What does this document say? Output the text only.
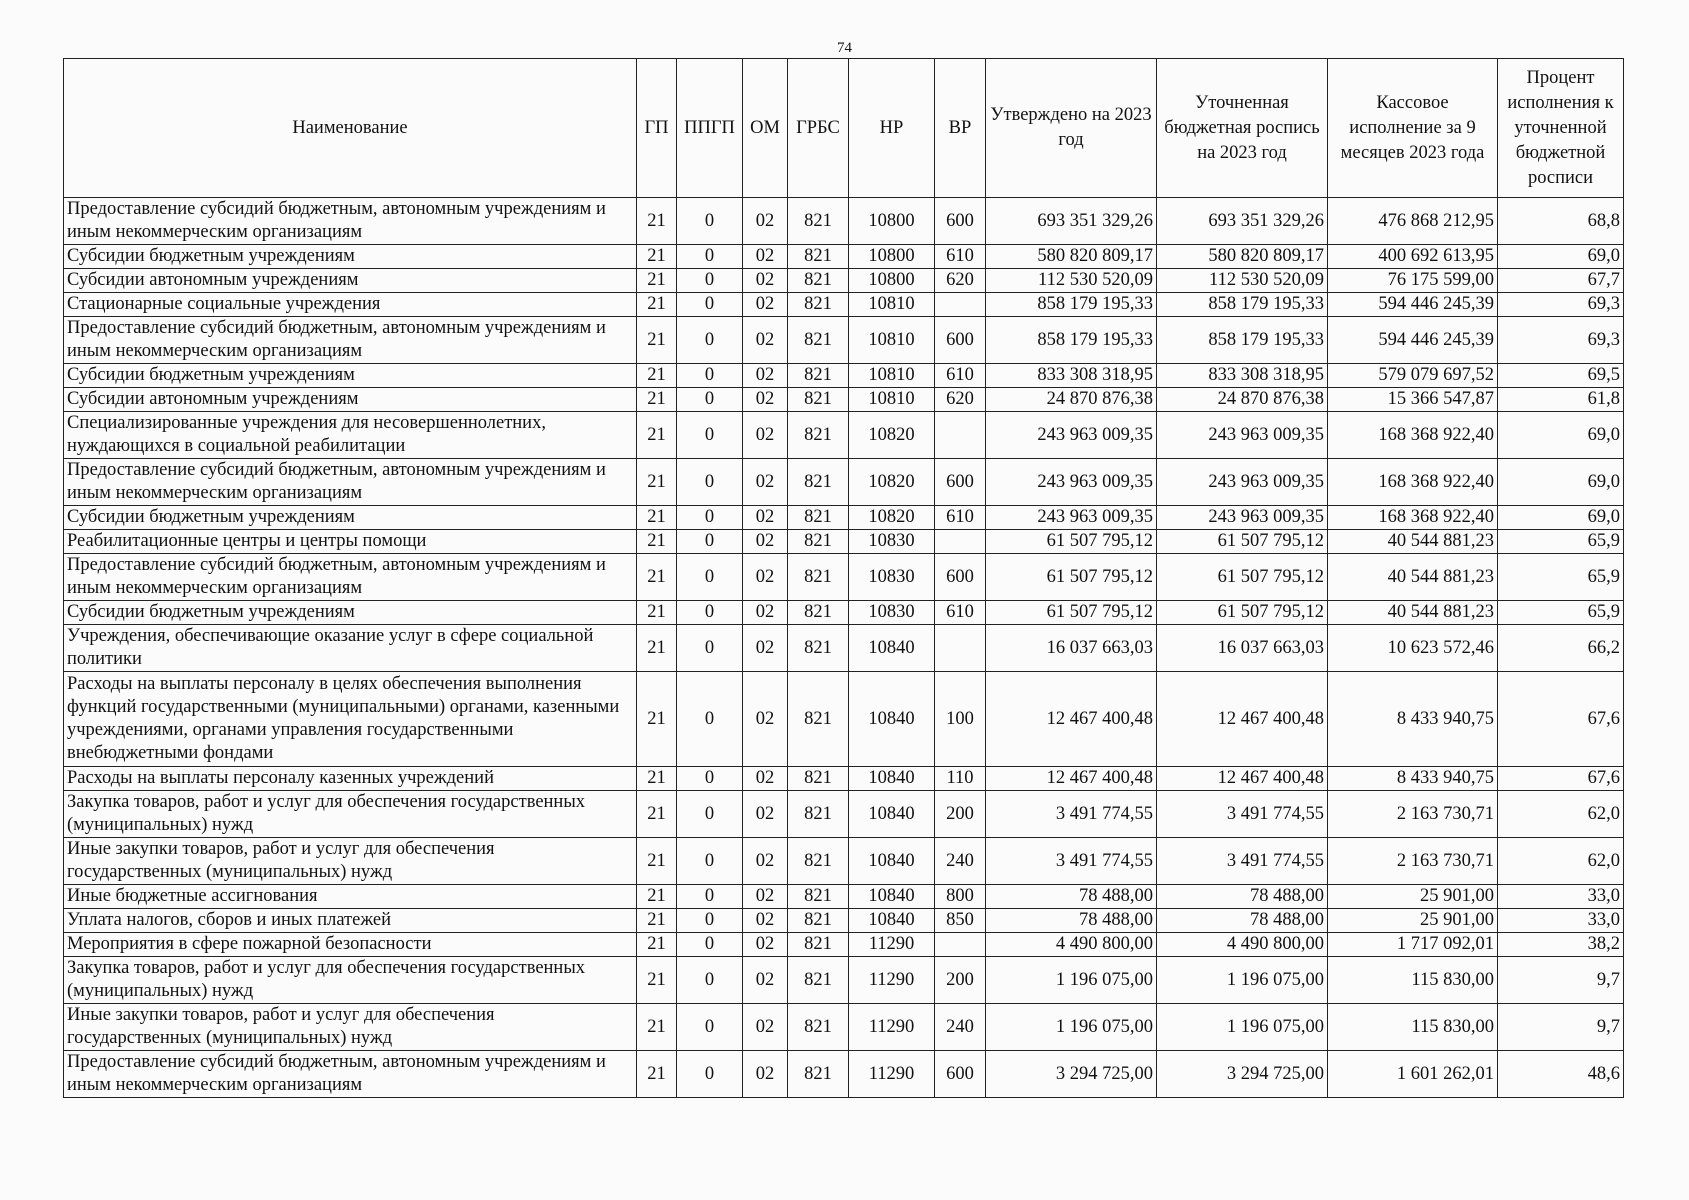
74
Наименование	ГП	ППГП	ОМ	ГРБС	НР	ВР	Утверждено на 2023 год	Уточненная бюджетная роспись на 2023 год	Кассовое исполнение за 9 месяцев 2023 года	Процент исполнения к уточненной бюджетной росписи
Предоставление субсидий бюджетным, автономным учреждениям и иным некоммерческим организациям	21	0	02	821	10800	600	693 351 329,26	693 351 329,26	476 868 212,95	68,8
Субсидии бюджетным учреждениям	21	0	02	821	10800	610	580 820 809,17	580 820 809,17	400 692 613,95	69,0
Субсидии автономным учреждениям	21	0	02	821	10800	620	112 530 520,09	112 530 520,09	76 175 599,00	67,7
Стационарные социальные учреждения	21	0	02	821	10810		858 179 195,33	858 179 195,33	594 446 245,39	69,3
Предоставление субсидий бюджетным, автономным учреждениям и иным некоммерческим организациям	21	0	02	821	10810	600	858 179 195,33	858 179 195,33	594 446 245,39	69,3
Субсидии бюджетным учреждениям	21	0	02	821	10810	610	833 308 318,95	833 308 318,95	579 079 697,52	69,5
Субсидии автономным учреждениям	21	0	02	821	10810	620	24 870 876,38	24 870 876,38	15 366 547,87	61,8
Специализированные учреждения для несовершеннолетних, нуждающихся в социальной реабилитации	21	0	02	821	10820		243 963 009,35	243 963 009,35	168 368 922,40	69,0
Предоставление субсидий бюджетным, автономным учреждениям и иным некоммерческим организациям	21	0	02	821	10820	600	243 963 009,35	243 963 009,35	168 368 922,40	69,0
Субсидии бюджетным учреждениям	21	0	02	821	10820	610	243 963 009,35	243 963 009,35	168 368 922,40	69,0
Реабилитационные центры и центры помощи	21	0	02	821	10830		61 507 795,12	61 507 795,12	40 544 881,23	65,9
Предоставление субсидий бюджетным, автономным учреждениям и иным некоммерческим организациям	21	0	02	821	10830	600	61 507 795,12	61 507 795,12	40 544 881,23	65,9
Субсидии бюджетным учреждениям	21	0	02	821	10830	610	61 507 795,12	61 507 795,12	40 544 881,23	65,9
Учреждения, обеспечивающие оказание услуг в сфере социальной политики	21	0	02	821	10840		16 037 663,03	16 037 663,03	10 623 572,46	66,2
Расходы на выплаты персоналу в целях обеспечения выполнения функций государственными (муниципальными) органами, казенными учреждениями, органами управления государственными внебюджетными фондами	21	0	02	821	10840	100	12 467 400,48	12 467 400,48	8 433 940,75	67,6
Расходы на выплаты персоналу казенных учреждений	21	0	02	821	10840	110	12 467 400,48	12 467 400,48	8 433 940,75	67,6
Закупка товаров, работ и услуг для обеспечения государственных (муниципальных) нужд	21	0	02	821	10840	200	3 491 774,55	3 491 774,55	2 163 730,71	62,0
Иные закупки товаров, работ и услуг для обеспечения государственных (муниципальных) нужд	21	0	02	821	10840	240	3 491 774,55	3 491 774,55	2 163 730,71	62,0
Иные бюджетные ассигнования	21	0	02	821	10840	800	78 488,00	78 488,00	25 901,00	33,0
Уплата налогов, сборов и иных платежей	21	0	02	821	10840	850	78 488,00	78 488,00	25 901,00	33,0
Мероприятия в сфере пожарной безопасности	21	0	02	821	11290		4 490 800,00	4 490 800,00	1 717 092,01	38,2
Закупка товаров, работ и услуг для обеспечения государственных (муниципальных) нужд	21	0	02	821	11290	200	1 196 075,00	1 196 075,00	115 830,00	9,7
Иные закупки товаров, работ и услуг для обеспечения государственных (муниципальных) нужд	21	0	02	821	11290	240	1 196 075,00	1 196 075,00	115 830,00	9,7
Предоставление субсидий бюджетным, автономным учреждениям и иным некоммерческим организациям	21	0	02	821	11290	600	3 294 725,00	3 294 725,00	1 601 262,01	48,6
